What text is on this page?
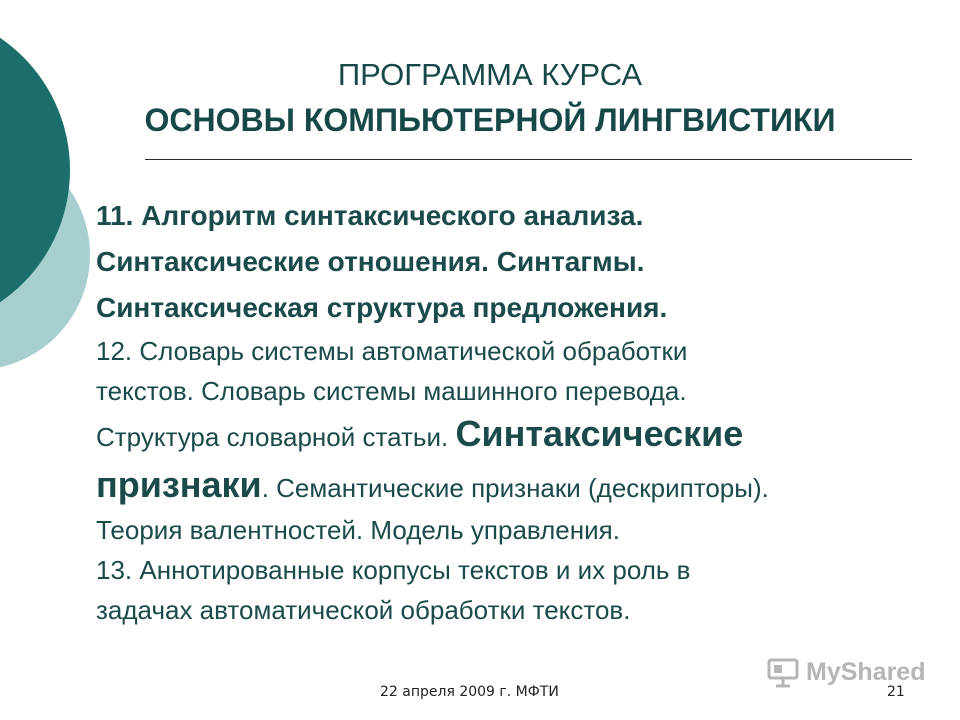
ПРОГРАММА КУРСА
ОСНОВЫ КОМПЬЮТЕРНОЙ ЛИНГВИСТИКИ
11. Алгоритм синтаксического анализа.
Синтаксические отношения. Синтагмы.
Синтаксическая структура предложения.
12. Словарь системы автоматической обработки
текстов. Словарь системы машинного перевода.
Структура словарной статьи. Синтаксические
признаки. Семантические признаки (дескрипторы).
Теория валентностей. Модель управления.
13. Аннотированные корпусы текстов и их роль в
задачах автоматической обработки текстов.
MyShared
22 апреля 2009 г. МФТИ	21
